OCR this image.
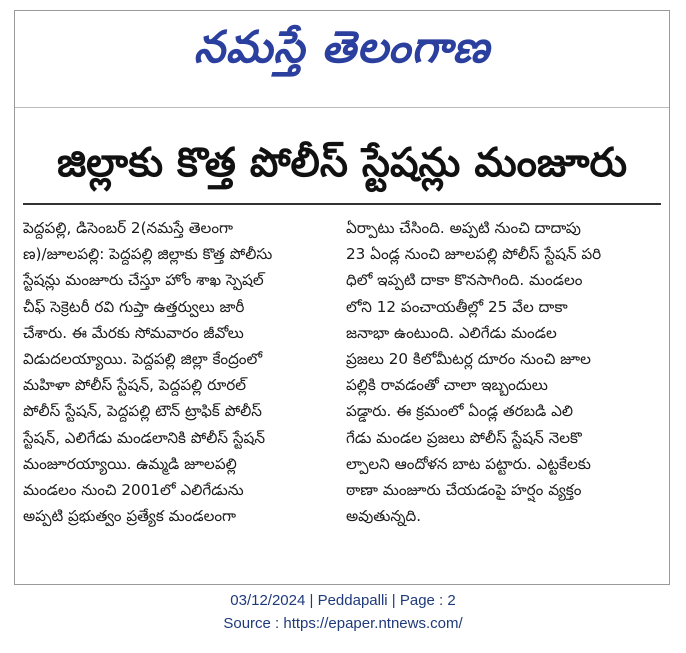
నమస్తే తెలంగాణ
జిల్లాకు కొత్త పోలీస్ స్టేషన్లు మంజూరు
పెద్దపల్లి, డిసెంబర్ 2(నమస్తే తెలంగా
ణ)/జూలపల్లి: పెద్దపల్లి జిల్లాకు కొత్త పోలీసు
స్టేషన్లు మంజూరు చేస్తూ హోం శాఖ స్పెషల్
చీఫ్ సెక్రెటరీ రవి గుప్తా ఉత్తర్వులు జారీ
చేశారు. ఈ మేరకు సోమవారం జీవోలు
విడుదలయ్యాయి. పెద్దపల్లి జిల్లా కేంద్రంలో
మహిళా పోలీస్ స్టేషన్, పెద్దపల్లి రూరల్
పోలీస్ స్టేషన్, పెద్దపల్లి టౌన్ ట్రాఫిక్ పోలీస్
స్టేషన్, ఎలిగేడు మండలానికి పోలీస్ స్టేషన్
మంజూరయ్యాయి. ఉమ్మడి జూలపల్లి
మండలం నుంచి 2001లో ఎలిగేడును
అప్పటి ప్రభుత్వం ప్రత్యేక మండలంగా
ఏర్పాటు చేసింది. అప్పటి నుంచి దాదాపు
23 ఏండ్ల నుంచి జూలపల్లి పోలీస్ స్టేషన్ పరి
ధిలో ఇప్పటి దాకా కొనసాగింది. మండలం
లోని 12 పంచాయతీల్లో 25 వేల దాకా
జనాభా ఉంటుంది. ఎలిగేడు మండల
ప్రజలు 20 కిలోమీటర్ల దూరం నుంచి జూల
పల్లికి రావడంతో చాలా ఇబ్బందులు
పడ్డారు. ఈ క్రమంలో ఏండ్ల తరబడి ఎలి
గేడు మండల ప్రజలు పోలీస్ స్టేషన్ నెలకొ
ల్పాలని ఆందోళన బాట పట్టారు. ఎట్టకేలకు
ఠాణా మంజూరు చేయడంపై హర్షం వ్యక్తం
అవుతున్నది.
03/12/2024 | Peddapalli | Page : 2
Source : https://epaper.ntnews.com/
